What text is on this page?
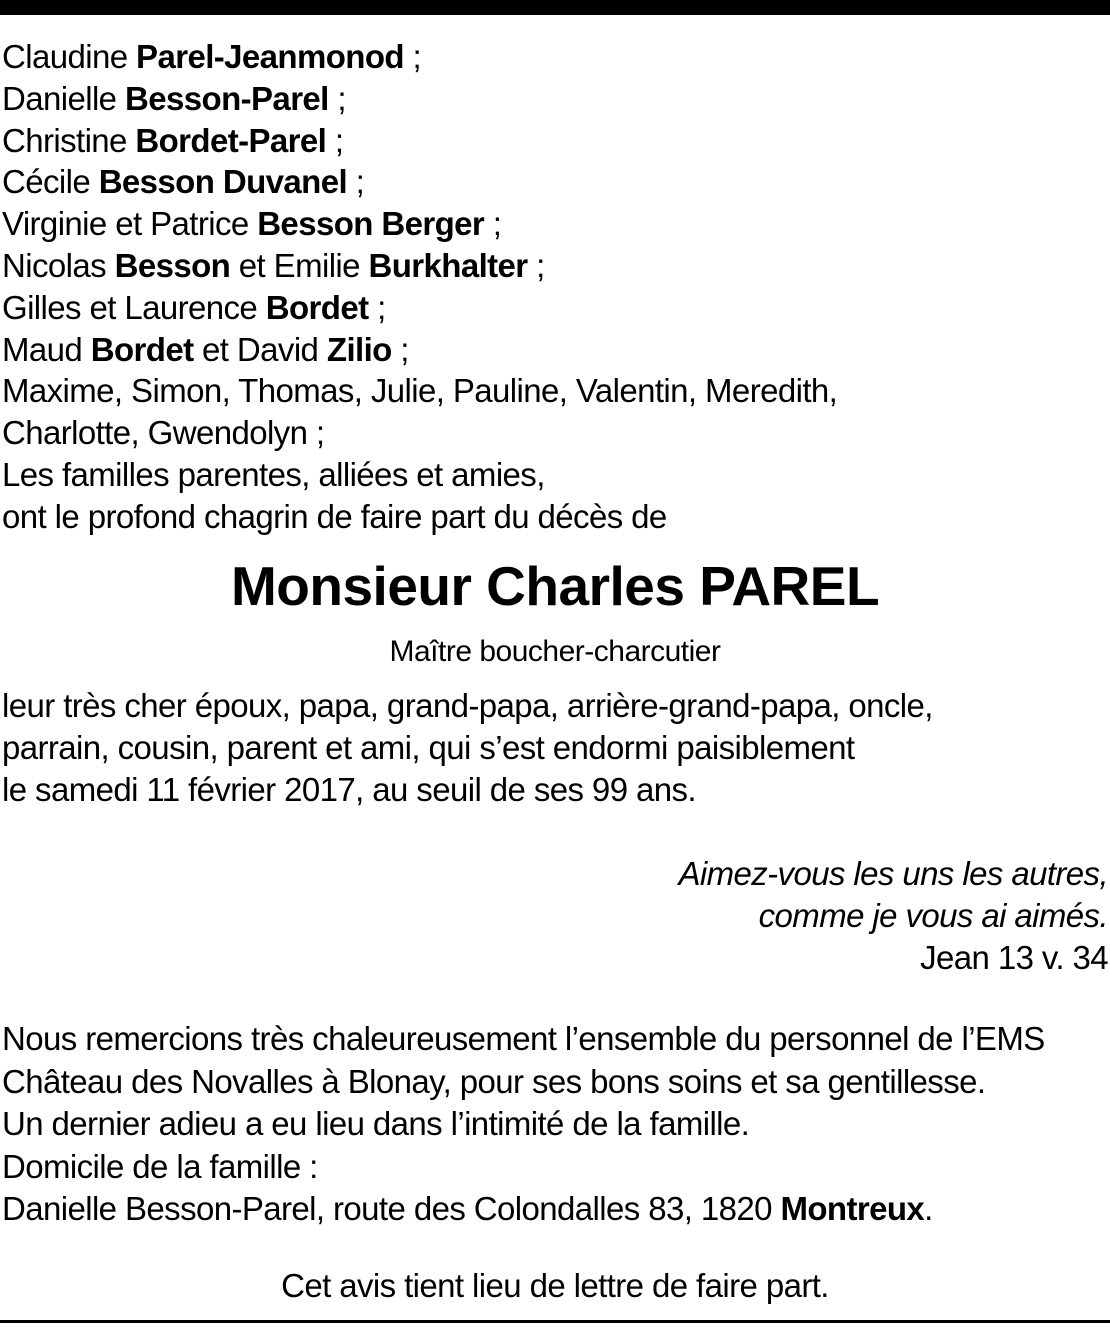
Claudine Parel-Jeanmonod ;
Danielle Besson-Parel ;
Christine Bordet-Parel ;
Cécile Besson Duvanel ;
Virginie et Patrice Besson Berger ;
Nicolas Besson et Emilie Burkhalter ;
Gilles et Laurence Bordet ;
Maud Bordet et David Zilio ;
Maxime, Simon, Thomas, Julie, Pauline, Valentin, Meredith,
Charlotte, Gwendolyn ;
Les familles parentes, alliées et amies,
ont le profond chagrin de faire part du décès de
Monsieur Charles PAREL
Maître boucher-charcutier
leur très cher époux, papa, grand-papa, arrière-grand-papa, oncle,
parrain, cousin, parent et ami, qui s’est endormi paisiblement
le samedi 11 février 2017, au seuil de ses 99 ans.
Aimez-vous les uns les autres,
comme je vous ai aimés.
Jean 13 v. 34
Nous remercions très chaleureusement l’ensemble du personnel de l’EMS
Château des Novalles à Blonay, pour ses bons soins et sa gentillesse.
Un dernier adieu a eu lieu dans l’intimité de la famille.
Domicile de la famille :
Danielle Besson-Parel, route des Colondalles 83, 1820 Montreux.
Cet avis tient lieu de lettre de faire part.
